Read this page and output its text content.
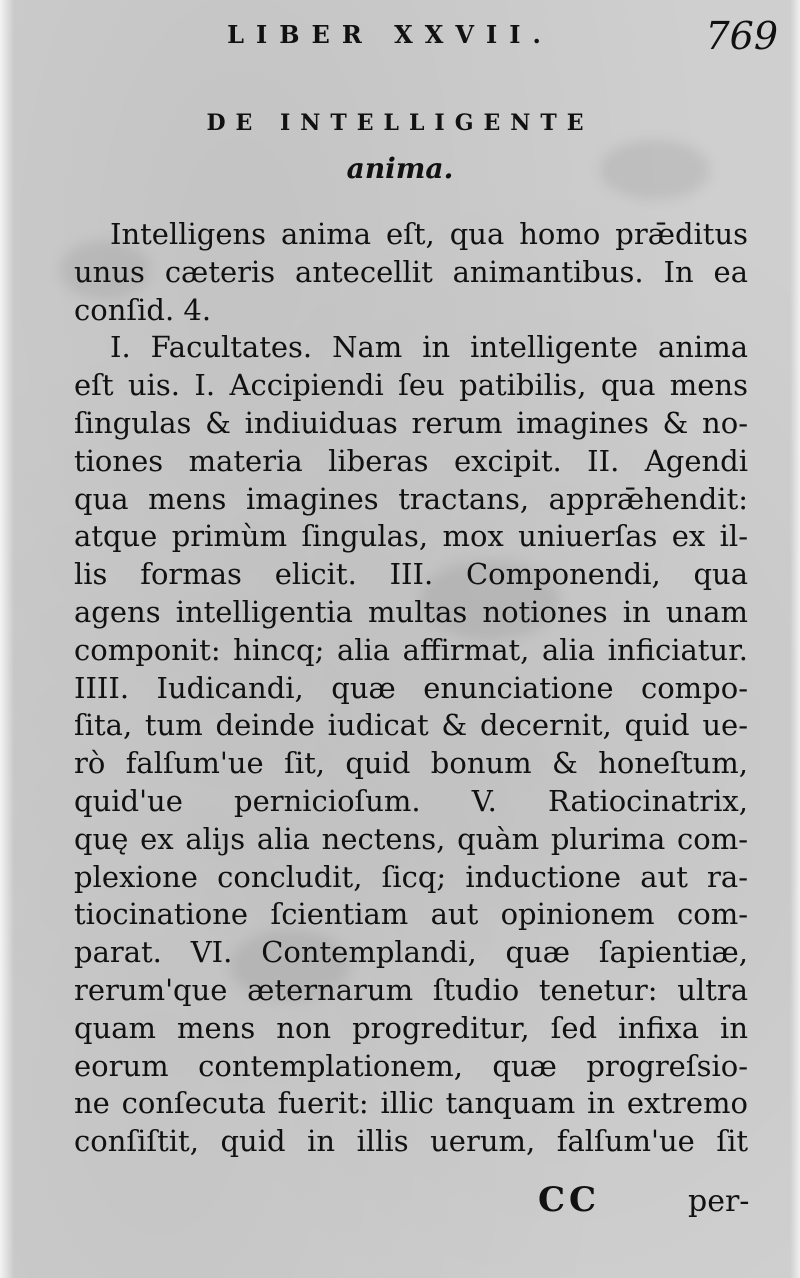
LIBER XXVII.	769
DE INTELLIGENTE
anima.
Intelligens anima eſt, qua homo prǣditus
unus cæteris antecellit animantibus. In ea
conſid. 4.
I. Facultates. Nam in intelligente anima
eſt uis. I. Accipiendi ſeu patibilis, qua mens
ſingulas & indiuiduas rerum imagines & no-
tiones materia liberas excipit. II. Agendi
qua mens imagines tractans, apprǣhendit:
atque primùm ſingulas, mox uniuerſas ex il-
lis formas elicit. III. Componendi, qua
agens intelligentia multas notiones in unam
componit: hincq; alia affirmat, alia inficiatur.
IIII. Iudicandi, quæ enunciatione compo-
ſita, tum deinde iudicat & decernit, quid ue-
rò falſum'ue ſit, quid bonum & honeſtum,
quid'ue pernicioſum. V. Ratiocinatrix,
quę ex aliȷs alia nectens, quàm plurima com-
plexione concludit, ſicq; inductione aut ra-
tiocinatione ſcientiam aut opinionem com-
parat. VI. Contemplandi, quæ ſapientiæ,
rerum'que æternarum ſtudio tenetur: ultra
quam mens non progreditur, ſed infixa in
eorum contemplationem, quæ progreſsio-
ne conſecuta fuerit: illic tanquam in extremo
conſiſtit, quid in illis uerum, falſum'ue ſit
CC	per-
